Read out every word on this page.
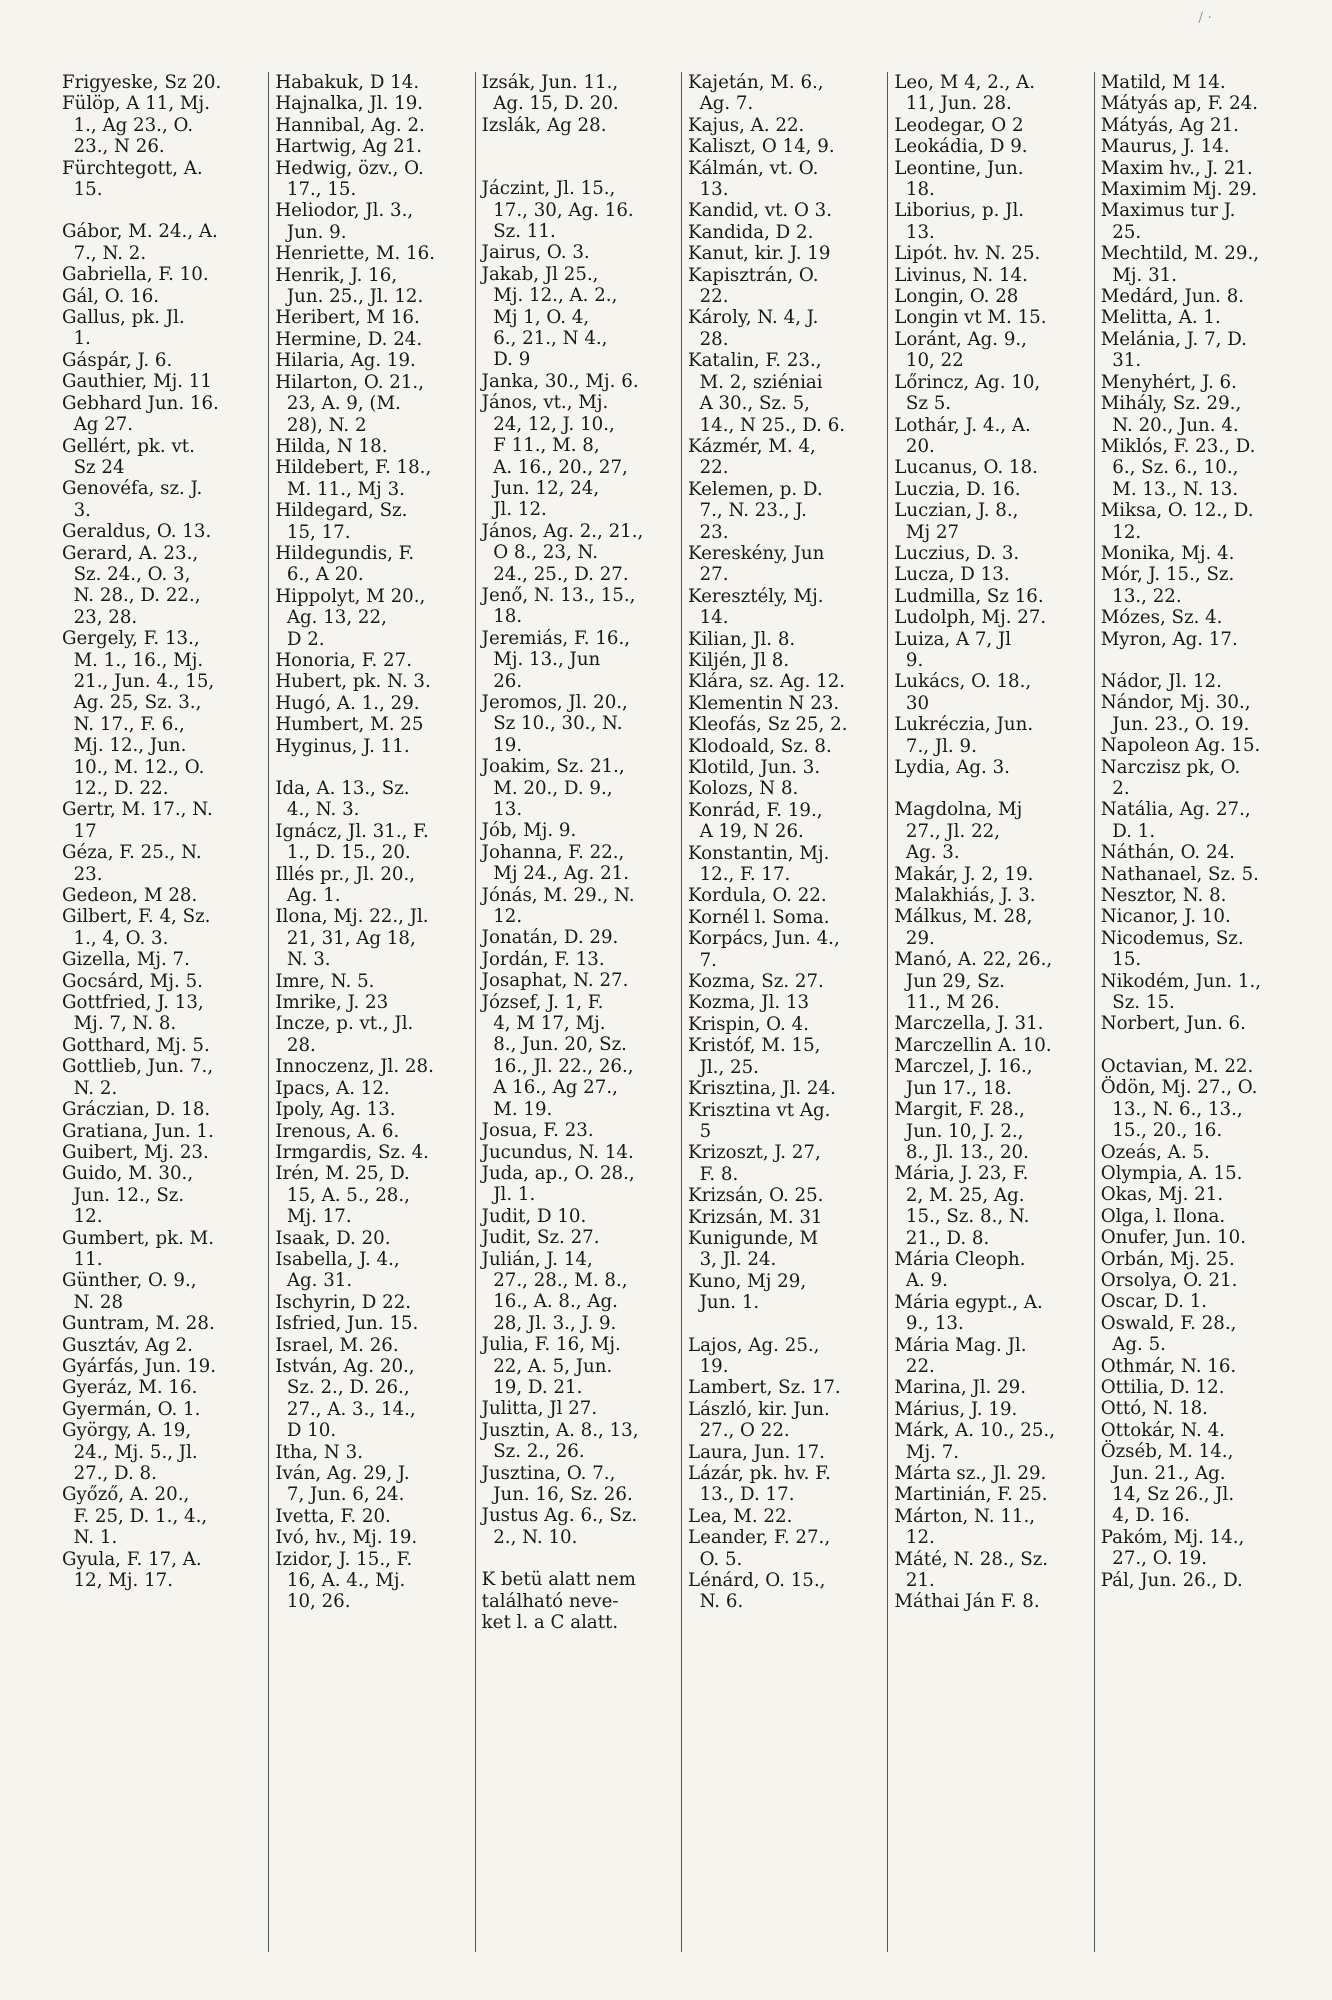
/ ·
Frigyeske, Sz 20.
Fülöp, A 11, Mj.
1., Ag 23., O.
23., N 26.
Fürchtegott, A.
15.
Gábor, M. 24., A.
7., N. 2.
Gabriella, F. 10.
Gál, O. 16.
Gallus, pk. Jl.
1.
Gáspár, J. 6.
Gauthier, Mj. 11
Gebhard Jun. 16.
Ag 27.
Gellért, pk. vt.
Sz 24
Genovéfa, sz. J.
3.
Geraldus, O. 13.
Gerard, A. 23.,
Sz. 24., O. 3,
N. 28., D. 22.,
23, 28.
Gergely, F. 13.,
M. 1., 16., Mj.
21., Jun. 4., 15,
Ag. 25, Sz. 3.,
N. 17., F. 6.,
Mj. 12., Jun.
10., M. 12., O.
12., D. 22.
Gertr, M. 17., N.
17
Géza, F. 25., N.
23.
Gedeon, M 28.
Gilbert, F. 4, Sz.
1., 4, O. 3.
Gizella, Mj. 7.
Gocsárd, Mj. 5.
Gottfried, J. 13,
Mj. 7, N. 8.
Gotthard, Mj. 5.
Gottlieb, Jun. 7.,
N. 2.
Gráczian, D. 18.
Gratiana, Jun. 1.
Guibert, Mj. 23.
Guido, M. 30.,
Jun. 12., Sz.
12.
Gumbert, pk. M.
11.
Günther, O. 9.,
N. 28
Guntram, M. 28.
Gusztáv, Ag 2.
Gyárfás, Jun. 19.
Gyeráz, M. 16.
Gyermán, O. 1.
György, A. 19,
24., Mj. 5., Jl.
27., D. 8.
Győző, A. 20.,
F. 25, D. 1., 4.,
N. 1.
Gyula, F. 17, A.
12, Mj. 17.
Habakuk, D 14.
Hajnalka, Jl. 19.
Hannibal, Ag. 2.
Hartwig, Ag 21.
Hedwig, özv., O.
17., 15.
Heliodor, Jl. 3.,
Jun. 9.
Henriette, M. 16.
Henrik, J. 16,
Jun. 25., Jl. 12.
Heribert, M 16.
Hermine, D. 24.
Hilaria, Ag. 19.
Hilarton, O. 21.,
23, A. 9, (M.
28), N. 2
Hilda, N 18.
Hildebert, F. 18.,
M. 11., Mj 3.
Hildegard, Sz.
15, 17.
Hildegundis, F.
6., A 20.
Hippolyt, M 20.,
Ag. 13, 22,
D 2.
Honoria, F. 27.
Hubert, pk. N. 3.
Hugó, A. 1., 29.
Humbert, M. 25
Hyginus, J. 11.
Ida, A. 13., Sz.
4., N. 3.
Ignácz, Jl. 31., F.
1., D. 15., 20.
Illés pr., Jl. 20.,
Ag. 1.
Ilona, Mj. 22., Jl.
21, 31, Ag 18,
N. 3.
Imre, N. 5.
Imrike, J. 23
Incze, p. vt., Jl.
28.
Innoczenz, Jl. 28.
Ipacs, A. 12.
Ipoly, Ag. 13.
Irenous, A. 6.
Irmgardis, Sz. 4.
Irén, M. 25, D.
15, A. 5., 28.,
Mj. 17.
Isaak, D. 20.
Isabella, J. 4.,
Ag. 31.
Ischyrin, D 22.
Isfried, Jun. 15.
Israel, M. 26.
István, Ag. 20.,
Sz. 2., D. 26.,
27., A. 3., 14.,
D 10.
Itha, N 3.
Iván, Ag. 29, J.
7, Jun. 6, 24.
Ivetta, F. 20.
Ivó, hv., Mj. 19.
Izidor, J. 15., F.
16, A. 4., Mj.
10, 26.
Izsák, Jun. 11.,
Ag. 15, D. 20.
Izslák, Ag 28.
Jáczint, Jl. 15.,
17., 30, Ag. 16.
Sz. 11.
Jairus, O. 3.
Jakab, Jl 25.,
Mj. 12., A. 2.,
Mj 1, O. 4,
6., 21., N 4.,
D. 9
Janka, 30., Mj. 6.
János, vt., Mj.
24, 12, J. 10.,
F 11., M. 8,
A. 16., 20., 27,
Jun. 12, 24,
Jl. 12.
János, Ag. 2., 21.,
O 8., 23, N.
24., 25., D. 27.
Jenő, N. 13., 15.,
18.
Jeremiás, F. 16.,
Mj. 13., Jun
26.
Jeromos, Jl. 20.,
Sz 10., 30., N.
19.
Joakim, Sz. 21.,
M. 20., D. 9.,
13.
Jób, Mj. 9.
Johanna, F. 22.,
Mj 24., Ag. 21.
Jónás, M. 29., N.
12.
Jonatán, D. 29.
Jordán, F. 13.
Josaphat, N. 27.
József, J. 1, F.
4, M 17, Mj.
8., Jun. 20, Sz.
16., Jl. 22., 26.,
A 16., Ag 27.,
M. 19.
Josua, F. 23.
Jucundus, N. 14.
Juda, ap., O. 28.,
Jl. 1.
Judit, D 10.
Judit, Sz. 27.
Julián, J. 14,
27., 28., M. 8.,
16., A. 8., Ag.
28, Jl. 3., J. 9.
Julia, F. 16, Mj.
22, A. 5, Jun.
19, D. 21.
Julitta, Jl 27.
Jusztin, A. 8., 13,
Sz. 2., 26.
Jusztina, O. 7.,
Jun. 16, Sz. 26.
Justus Ag. 6., Sz.
2., N. 10.
K betü alatt nem
található neve-
ket l. a C alatt.
Kajetán, M. 6.,
Ag. 7.
Kajus, A. 22.
Kaliszt, O 14, 9.
Kálmán, vt. O.
13.
Kandid, vt. O 3.
Kandida, D 2.
Kanut, kir. J. 19
Kapisztrán, O.
22.
Károly, N. 4, J.
28.
Katalin, F. 23.,
M. 2, sziéniai
A 30., Sz. 5,
14., N 25., D. 6.
Kázmér, M. 4,
22.
Kelemen, p. D.
7., N. 23., J.
23.
Kereskény, Jun
27.
Keresztély, Mj.
14.
Kilian, Jl. 8.
Kiljén, Jl 8.
Klára, sz. Ag. 12.
Klementin N 23.
Kleofás, Sz 25, 2.
Klodoald, Sz. 8.
Klotild, Jun. 3.
Kolozs, N 8.
Konrád, F. 19.,
A 19, N 26.
Konstantin, Mj.
12., F. 17.
Kordula, O. 22.
Kornél l. Soma.
Korpács, Jun. 4.,
7.
Kozma, Sz. 27.
Kozma, Jl. 13
Krispin, O. 4.
Kristóf, M. 15,
Jl., 25.
Krisztina, Jl. 24.
Krisztina vt Ag.
5
Krizoszt, J. 27,
F. 8.
Krizsán, O. 25.
Krizsán, M. 31
Kunigunde, M
3, Jl. 24.
Kuno, Mj 29,
Jun. 1.
Lajos, Ag. 25.,
19.
Lambert, Sz. 17.
László, kir. Jun.
27., O 22.
Laura, Jun. 17.
Lázár, pk. hv. F.
13., D. 17.
Lea, M. 22.
Leander, F. 27.,
O. 5.
Lénárd, O. 15.,
N. 6.
Leo, M 4, 2., A.
11, Jun. 28.
Leodegar, O 2
Leokádia, D 9.
Leontine, Jun.
18.
Liborius, p. Jl.
13.
Lipót. hv. N. 25.
Livinus, N. 14.
Longin, O. 28
Longin vt M. 15.
Loránt, Ag. 9.,
10, 22
Lőrincz, Ag. 10,
Sz 5.
Lothár, J. 4., A.
20.
Lucanus, O. 18.
Luczia, D. 16.
Luczian, J. 8.,
Mj 27
Luczius, D. 3.
Lucza, D 13.
Ludmilla, Sz 16.
Ludolph, Mj. 27.
Luiza, A 7, Jl
9.
Lukács, O. 18.,
30
Lukréczia, Jun.
7., Jl. 9.
Lydia, Ag. 3.
Magdolna, Mj
27., Jl. 22,
Ag. 3.
Makár, J. 2, 19.
Malakhiás, J. 3.
Málkus, M. 28,
29.
Manó, A. 22, 26.,
Jun 29, Sz.
11., M 26.
Marczella, J. 31.
Marczellin A. 10.
Marczel, J. 16.,
Jun 17., 18.
Margit, F. 28.,
Jun. 10, J. 2.,
8., Jl. 13., 20.
Mária, J. 23, F.
2, M. 25, Ag.
15., Sz. 8., N.
21., D. 8.
Mária Cleoph.
A. 9.
Mária egypt., A.
9., 13.
Mária Mag. Jl.
22.
Marina, Jl. 29.
Márius, J. 19.
Márk, A. 10., 25.,
Mj. 7.
Márta sz., Jl. 29.
Martinián, F. 25.
Márton, N. 11.,
12.
Máté, N. 28., Sz.
21.
Máthai Ján F. 8.
Matild, M 14.
Mátyás ap, F. 24.
Mátyás, Ag 21.
Maurus, J. 14.
Maxim hv., J. 21.
Maximim Mj. 29.
Maximus tur J.
25.
Mechtild, M. 29.,
Mj. 31.
Medárd, Jun. 8.
Melitta, A. 1.
Melánia, J. 7, D.
31.
Menyhért, J. 6.
Mihály, Sz. 29.,
N. 20., Jun. 4.
Miklós, F. 23., D.
6., Sz. 6., 10.,
M. 13., N. 13.
Miksa, O. 12., D.
12.
Monika, Mj. 4.
Mór, J. 15., Sz.
13., 22.
Mózes, Sz. 4.
Myron, Ag. 17.
Nádor, Jl. 12.
Nándor, Mj. 30.,
Jun. 23., O. 19.
Napoleon Ag. 15.
Narczisz pk, O.
2.
Natália, Ag. 27.,
D. 1.
Náthán, O. 24.
Nathanael, Sz. 5.
Nesztor, N. 8.
Nicanor, J. 10.
Nicodemus, Sz.
15.
Nikodém, Jun. 1.,
Sz. 15.
Norbert, Jun. 6.
Octavian, M. 22.
Ödön, Mj. 27., O.
13., N. 6., 13.,
15., 20., 16.
Ozeás, A. 5.
Olympia, A. 15.
Okas, Mj. 21.
Olga, l. Ilona.
Onufer, Jun. 10.
Orbán, Mj. 25.
Orsolya, O. 21.
Oscar, D. 1.
Oswald, F. 28.,
Ag. 5.
Othmár, N. 16.
Ottilia, D. 12.
Ottó, N. 18.
Ottokár, N. 4.
Özséb, M. 14.,
Jun. 21., Ag.
14, Sz 26., Jl.
4, D. 16.
Pakóm, Mj. 14.,
27., O. 19.
Pál, Jun. 26., D.
